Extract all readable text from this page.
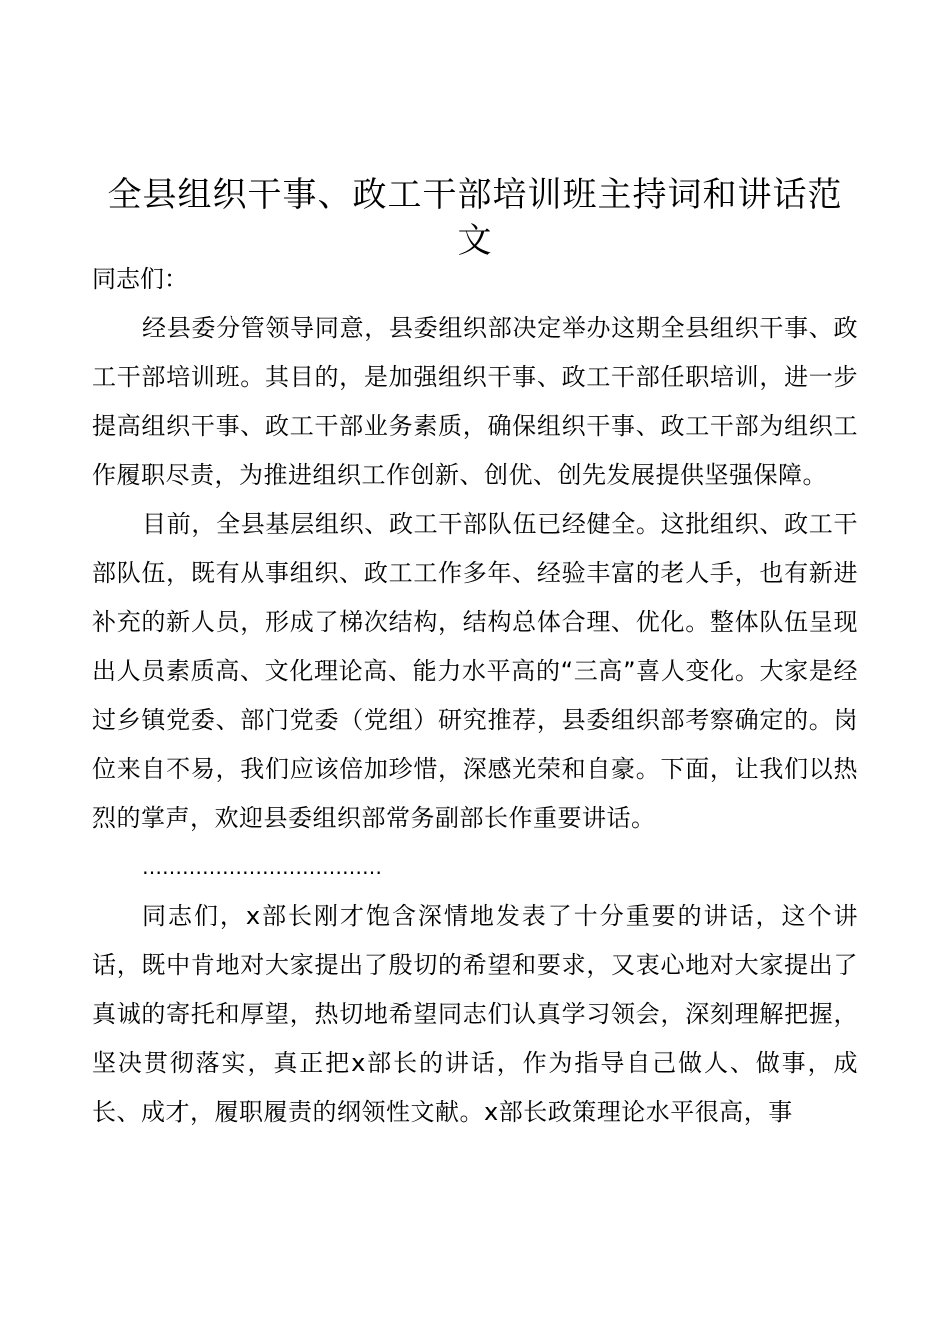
全县组织干事、政工干部培训班主持词和讲话范文

同志们：

经县委分管领导同意，县委组织部决定举办这期全县组织干事、政工干部培训班。其目的，是加强组织干事、政工干部任职培训，进一步提高组织干事、政工干部业务素质，确保组织干事、政工干部为组织工作履职尽责，为推进组织工作创新、创优、创先发展提供坚强保障。

目前，全县基层组织、政工干部队伍已经健全。这批组织、政工干部队伍，既有从事组织、政工工作多年、经验丰富的老人手，也有新进补充的新人员，形成了梯次结构，结构总体合理、优化。整体队伍呈现出人员素质高、文化理论高、能力水平高的“三高”喜人变化。大家是经过乡镇党委、部门党委（党组）研究推荐，县委组织部考察确定的。岗位来自不易，我们应该倍加珍惜，深感光荣和自豪。下面，让我们以热烈的掌声，欢迎县委组织部常务副部长作重要讲话。

………………………………

同志们，x部长刚才饱含深情地发表了十分重要的讲话，这个讲话，既中肯地对大家提出了殷切的希望和要求，又衷心地对大家提出了真诚的寄托和厚望，热切地希望同志们认真学习领会，深刻理解把握，坚决贯彻落实，真正把x部长的讲话，作为指导自己做人、做事，成长、成才，履职履责的纲领性文献。x部长政策理论水平很高，事
